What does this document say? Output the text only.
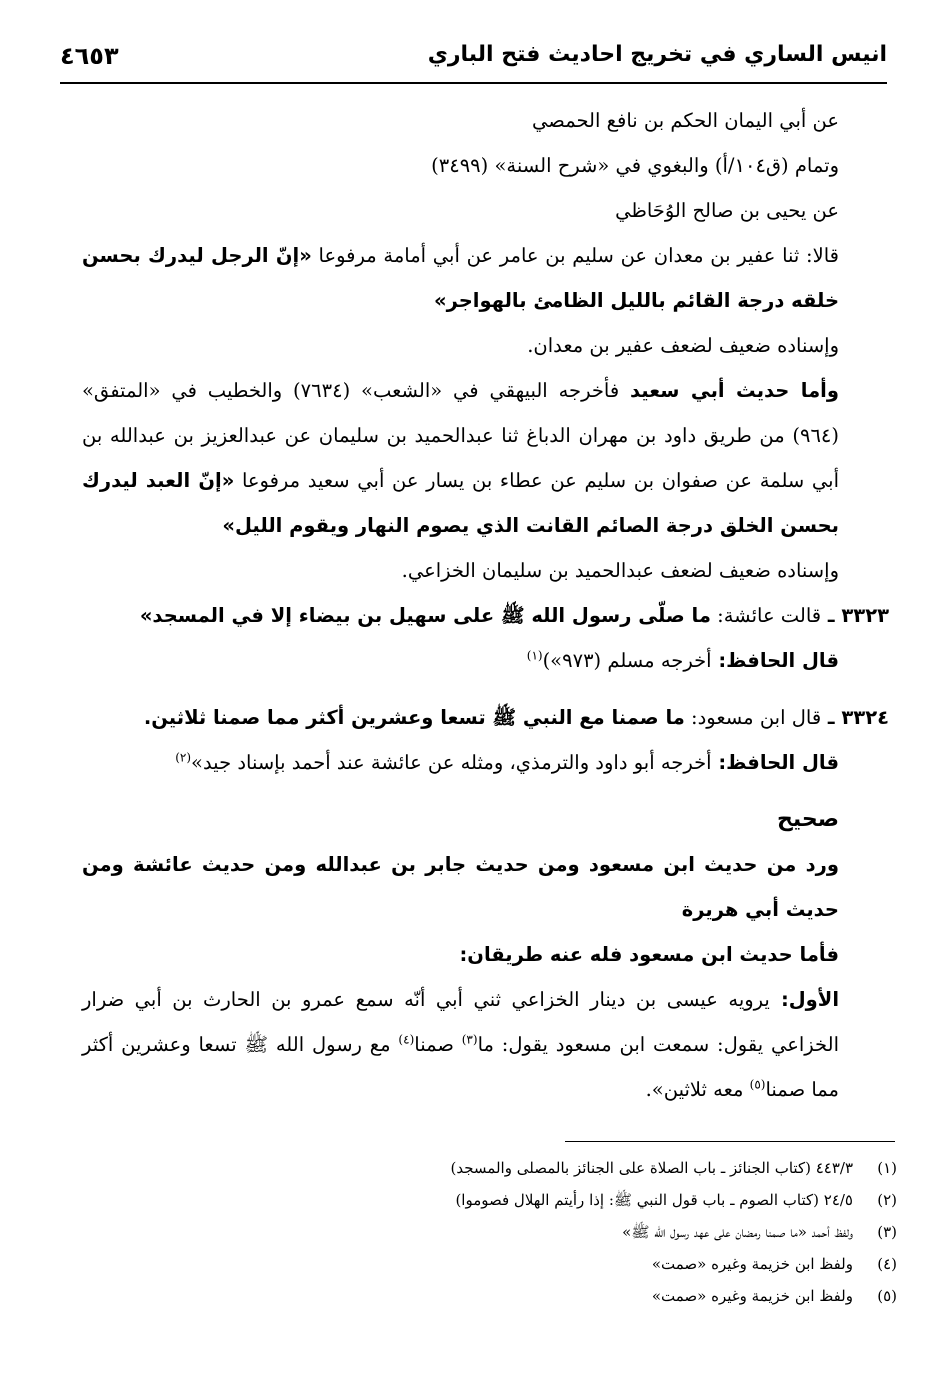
انيس الساري في تخريج احاديث فتح الباري
٤٦٥٣

عن أبي اليمان الحكم بن نافع الحمصي

وتمام (ق١٠٤/أ) والبغوي في «شرح السنة» (٣٤٩٩)

عن يحيى بن صالح الوُحَاظي

قالا: ثنا عفير بن معدان عن سليم بن عامر عن أبي أمامة مرفوعا «إنّ الرجل ليدرك بحسن خلقه درجة القائم بالليل الظامئ بالهواجر»

وإسناده ضعيف لضعف عفير بن معدان.

وأما حديث أبي سعيد فأخرجه البيهقي في «الشعب» (٧٦٣٤) والخطيب في «المتفق» (٩٦٤) من طريق داود بن مهران الدباغ ثنا عبدالحميد بن سليمان عن عبدالعزيز بن عبدالله بن أبي سلمة عن صفوان بن سليم عن عطاء بن يسار عن أبي سعيد مرفوعا «إنّ العبد ليدرك بحسن الخلق درجة الصائم القانت الذي يصوم النهار ويقوم الليل»

وإسناده ضعيف لضعف عبدالحميد بن سليمان الخزاعي.

٣٣٢٣ ـ قالت عائشة: ما صلّى رسول الله ﷺ على سهيل بن بيضاء إلا في المسجد»

قال الحافظ: أخرجه مسلم (٩٧٣»)$^{(١)}$

٣٣٢٤ ـ قال ابن مسعود: ما صمنا مع النبي ﷺ تسعا وعشرين أكثر مما صمنا ثلاثين.

قال الحافظ: أخرجه أبو داود والترمذي، ومثله عن عائشة عند أحمد بإسناد جيد»$^{(٢)}$

صحيح

ورد من حديث ابن مسعود ومن حديث جابر بن عبدالله ومن حديث عائشة ومن حديث أبي هريرة

فأما حديث ابن مسعود فله عنه طريقان:

الأول: يرويه عيسى بن دينار الخزاعي ثني أبي أنّه سمع عمرو بن الحارث بن أبي ضرار الخزاعي يقول: سمعت ابن مسعود يقول: ما$^{(٣)}$ صمنا$^{(٤)}$ مع رسول الله ﷺ تسعا وعشرين أكثر مما صمنا$^{(٥)}$ معه ثلاثين».

(١)٤٤٣/٣ (كتاب الجنائز ـ باب الصلاة على الجنائز بالمصلى والمسجد)

(٢)٢٤/٥ (كتاب الصوم ـ باب قول النبي ﷺ: إذا رأيتم الهلال فصوموا)

(٣)ولفظ أحمد «ما صمنا رمضان على عهد رسول الله ﷺ»

(٤)ولفظ ابن خزيمة وغيره «صمت»

(٥)ولفظ ابن خزيمة وغيره «صمت»
